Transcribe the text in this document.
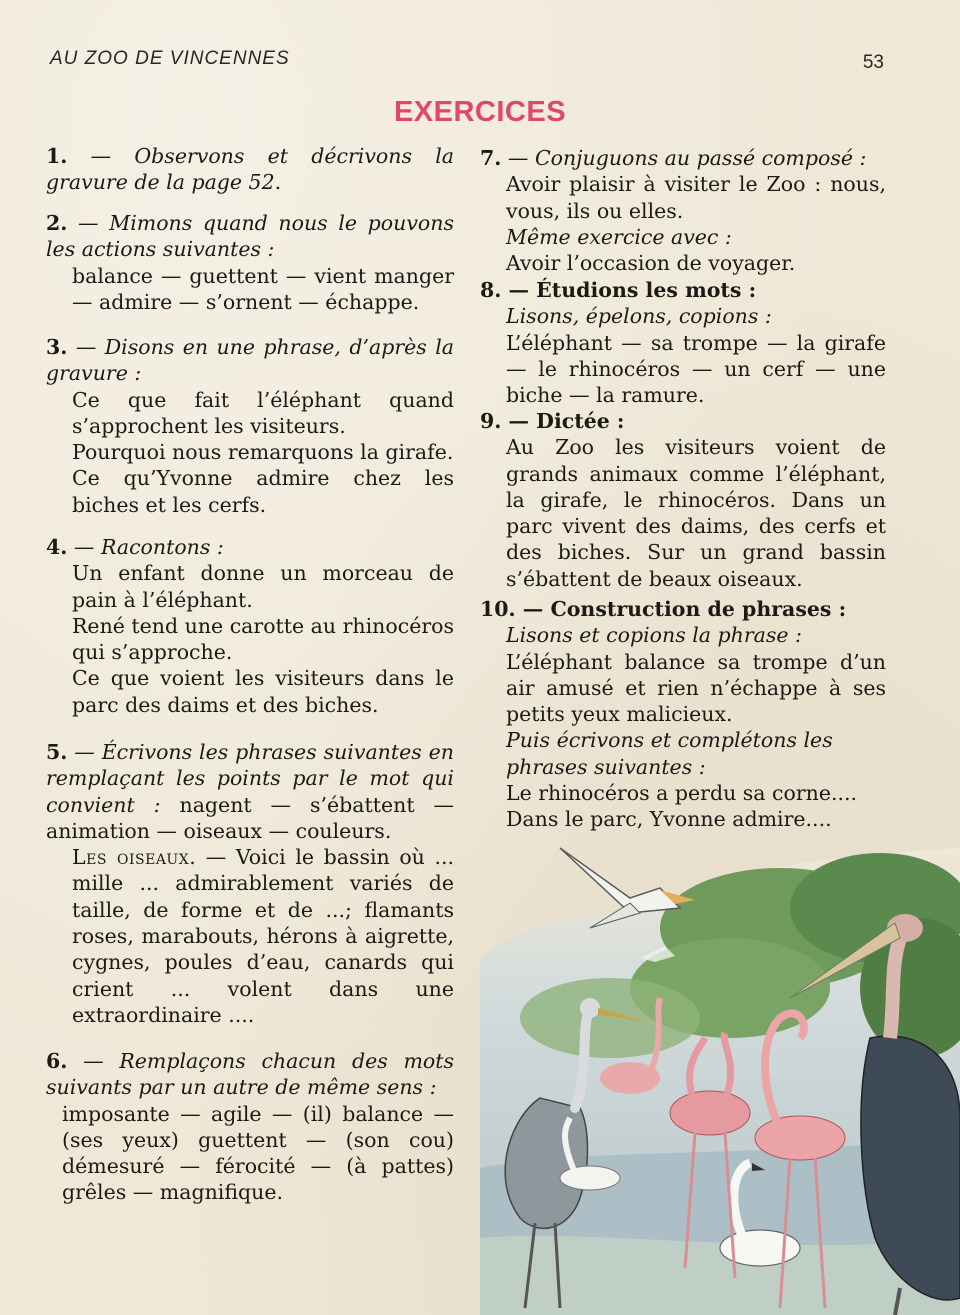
AU ZOO DE VINCENNES	53
EXERCICES
1. — Observons et décrivons la gravure de la page 52.
2. — Mimons quand nous le pouvons les actions suivantes :
balance — guettent — vient manger — admire — s’ornent — échappe.
3. — Disons en une phrase, d’après la gravure :
Ce que fait l’éléphant quand s’approchent les visiteurs.
Pourquoi nous remarquons la girafe.
Ce qu’Yvonne admire chez les biches et les cerfs.
4. — Racontons :
Un enfant donne un morceau de pain à l’éléphant.
René tend une carotte au rhinocéros qui s’approche.
Ce que voient les visiteurs dans le parc des daims et des biches.
5. — Écrivons les phrases suivantes en remplaçant les points par le mot qui convient : nagent — s’ébattent — animation — oiseaux — couleurs.
Les oiseaux. — Voici le bassin où ... mille ... admirablement variés de taille, de forme et de ...; flamants roses, marabouts, hérons à aigrette, cygnes, poules d’eau, canards qui crient ... volent dans une extraordinaire ....
6. — Remplaçons chacun des mots suivants par un autre de même sens :
imposante — agile — (il) balance — (ses yeux) guettent — (son cou) démesuré — férocité — (à pattes) grêles — magnifique.
7. — Conjuguons au passé composé :
Avoir plaisir à visiter le Zoo : nous, vous, ils ou elles.
Même exercice avec :
Avoir l’occasion de voyager.
8. — Étudions les mots :
Lisons, épelons, copions :
L’éléphant — sa trompe — la girafe — le rhinocéros — un cerf — une biche — la ramure.
9. — Dictée :
Au Zoo les visiteurs voient de grands animaux comme l’éléphant, la girafe, le rhinocéros. Dans un parc vivent des daims, des cerfs et des biches. Sur un grand bassin s’ébattent de beaux oiseaux.
10. — Construction de phrases :
Lisons et copions la phrase :
L’éléphant balance sa trompe d’un air amusé et rien n’échappe à ses petits yeux malicieux.
Puis écrivons et complétons les phrases suivantes :
Le rhinocéros a perdu sa corne....
Dans le parc, Yvonne admire....
